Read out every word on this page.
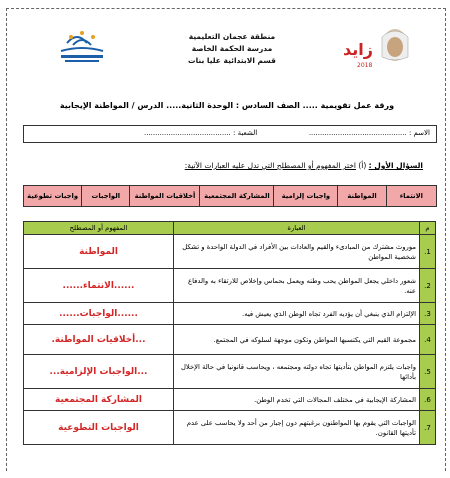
منطقة عجمان التعليمية
مدرسة الحكمة الخاصة
قسم الابتدائية عليا بنات
زايد
2018
ورقة عمل تقويمية ..... الصف السادس : الوحدة الثانية..... الدرس / المواطنة الإيجابية
الاسم : ............................................
الشعبة : .......................................
السؤال الأول : (أ) اختر المفهوم أو المصطلح التي تدل عليه العبارات الآتية:
الانتماء
المواطنة
واجبات إلزامية
المشاركة المجتمعية
أخلاقيات المواطنة
الواجبات
واجبات تطوعية
م	العبارة	المفهوم أو المصطلح
1.	موروث مشترك من المبادىء والقيم والعادات بين الأفراد في الدولة الواحدة و تشكل شخصية المواطن	المواطنة
2.	شعور داخلي يجعل المواطن يحب وطنه ويعمل بحماس وإخلاص للارتقاء به والدفاع عنه.	......الانتماء......
3.	الإلتزام الذي ينبغي أن يؤديه الفرد تجاه الوطن الذي يعيش فيه.	......الواجبات......
4.	مجموعة القيم التي يكتسبها المواطن وتكون موجهة لسلوكه في المجتمع.	...أخلاقيات المواطنة.
5.	واجبات يلتزم المواطن بتأديتها تجاه دولته ومجتمعه ، ويحاسب قانونيا في حالة الإخلال بأدائها	...الواجبات الإلزامية...
6.	المشاركة الإيجابية في مختلف المجالات التي تخدم الوطن.	المشاركة المجتمعية
7.	الواجبات التي يقوم بها المواطنون برغبتهم دون إجبار من أحد ولا يحاسب على عدم تأديتها القانون.	الواجبات التطوعية
